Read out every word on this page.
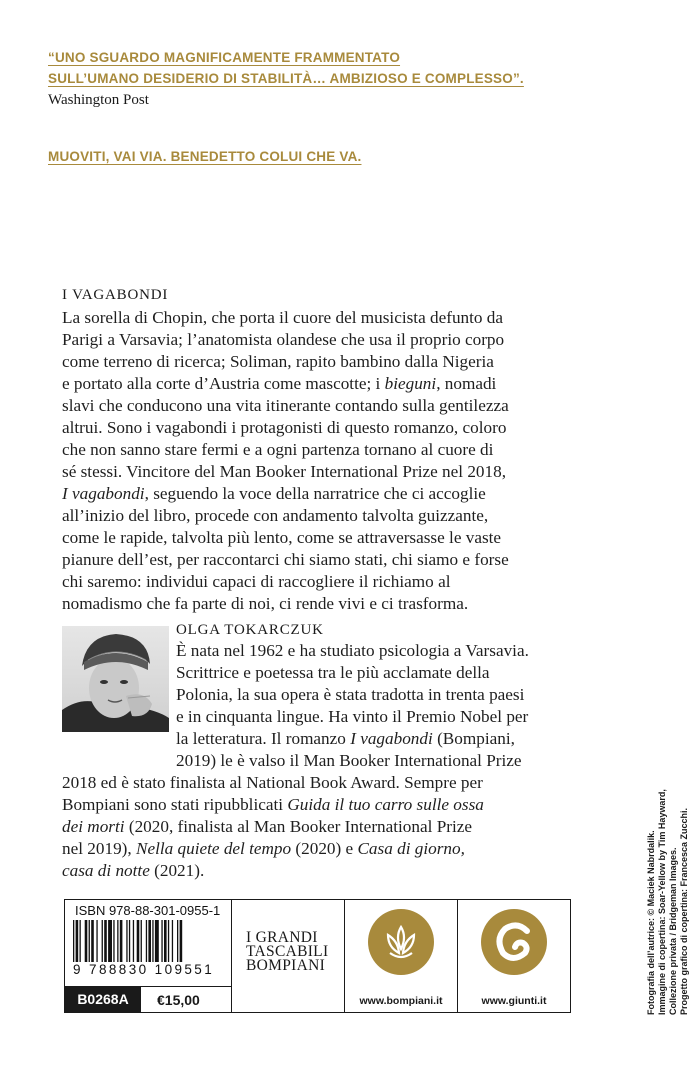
“UNO SGUARDO MAGNIFICAMENTE FRAMMENTATO
SULL’UMANO DESIDERIO DI STABILITÀ… AMBIZIOSO E COMPLESSO”.
Washington Post
MUOVITI, VAI VIA. BENEDETTO COLUI CHE VA.
I VAGABONDI
La sorella di Chopin, che porta il cuore del musicista defunto da
Parigi a Varsavia; l’anatomista olandese che usa il proprio corpo
come terreno di ricerca; Soliman, rapito bambino dalla Nigeria
e portato alla corte d’Austria come mascotte; i bieguni, nomadi
slavi che conducono una vita itinerante contando sulla gentilezza
altrui. Sono i vagabondi i protagonisti di questo romanzo, coloro
che non sanno stare fermi e a ogni partenza tornano al cuore di
sé stessi. Vincitore del Man Booker International Prize nel 2018,
I vagabondi, seguendo la voce della narratrice che ci accoglie
all’inizio del libro, procede con andamento talvolta guizzante,
come le rapide, talvolta più lento, come se attraversasse le vaste
pianure dell’est, per raccontarci chi siamo stati, chi siamo e forse
chi saremo: individui capaci di raccogliere il richiamo al
nomadismo che fa parte di noi, ci rende vivi e ci trasforma.
OLGA TOKARCZUK
È nata nel 1962 e ha studiato psicologia a Varsavia.
Scrittrice e poetessa tra le più acclamate della
Polonia, la sua opera è stata tradotta in trenta paesi
e in cinquanta lingue. Ha vinto il Premio Nobel per
la letteratura. Il romanzo I vagabondi (Bompiani,
2019) le è valso il Man Booker International Prize
2018 ed è stato finalista al National Book Award. Sempre per
Bompiani sono stati ripubblicati Guida il tuo carro sulle ossa
dei morti (2020, finalista al Man Booker International Prize
nel 2019), Nella quiete del tempo (2020) e Casa di giorno,
casa di notte (2021).
ISBN 978-88-301-0955-1
9 788830 109551
B0268A	€15,00
I GRANDI
TASCABILI
BOMPIANI
www.bompiani.it	www.giunti.it	Fotografia dell’autrice: © Maciek Nabrdalik. Immagine di copertina: Soar-Yellow by Tim Hayward, Collezione privata / Bridgeman Images. Progetto grafico di copertina: Francesca Zucchi.
